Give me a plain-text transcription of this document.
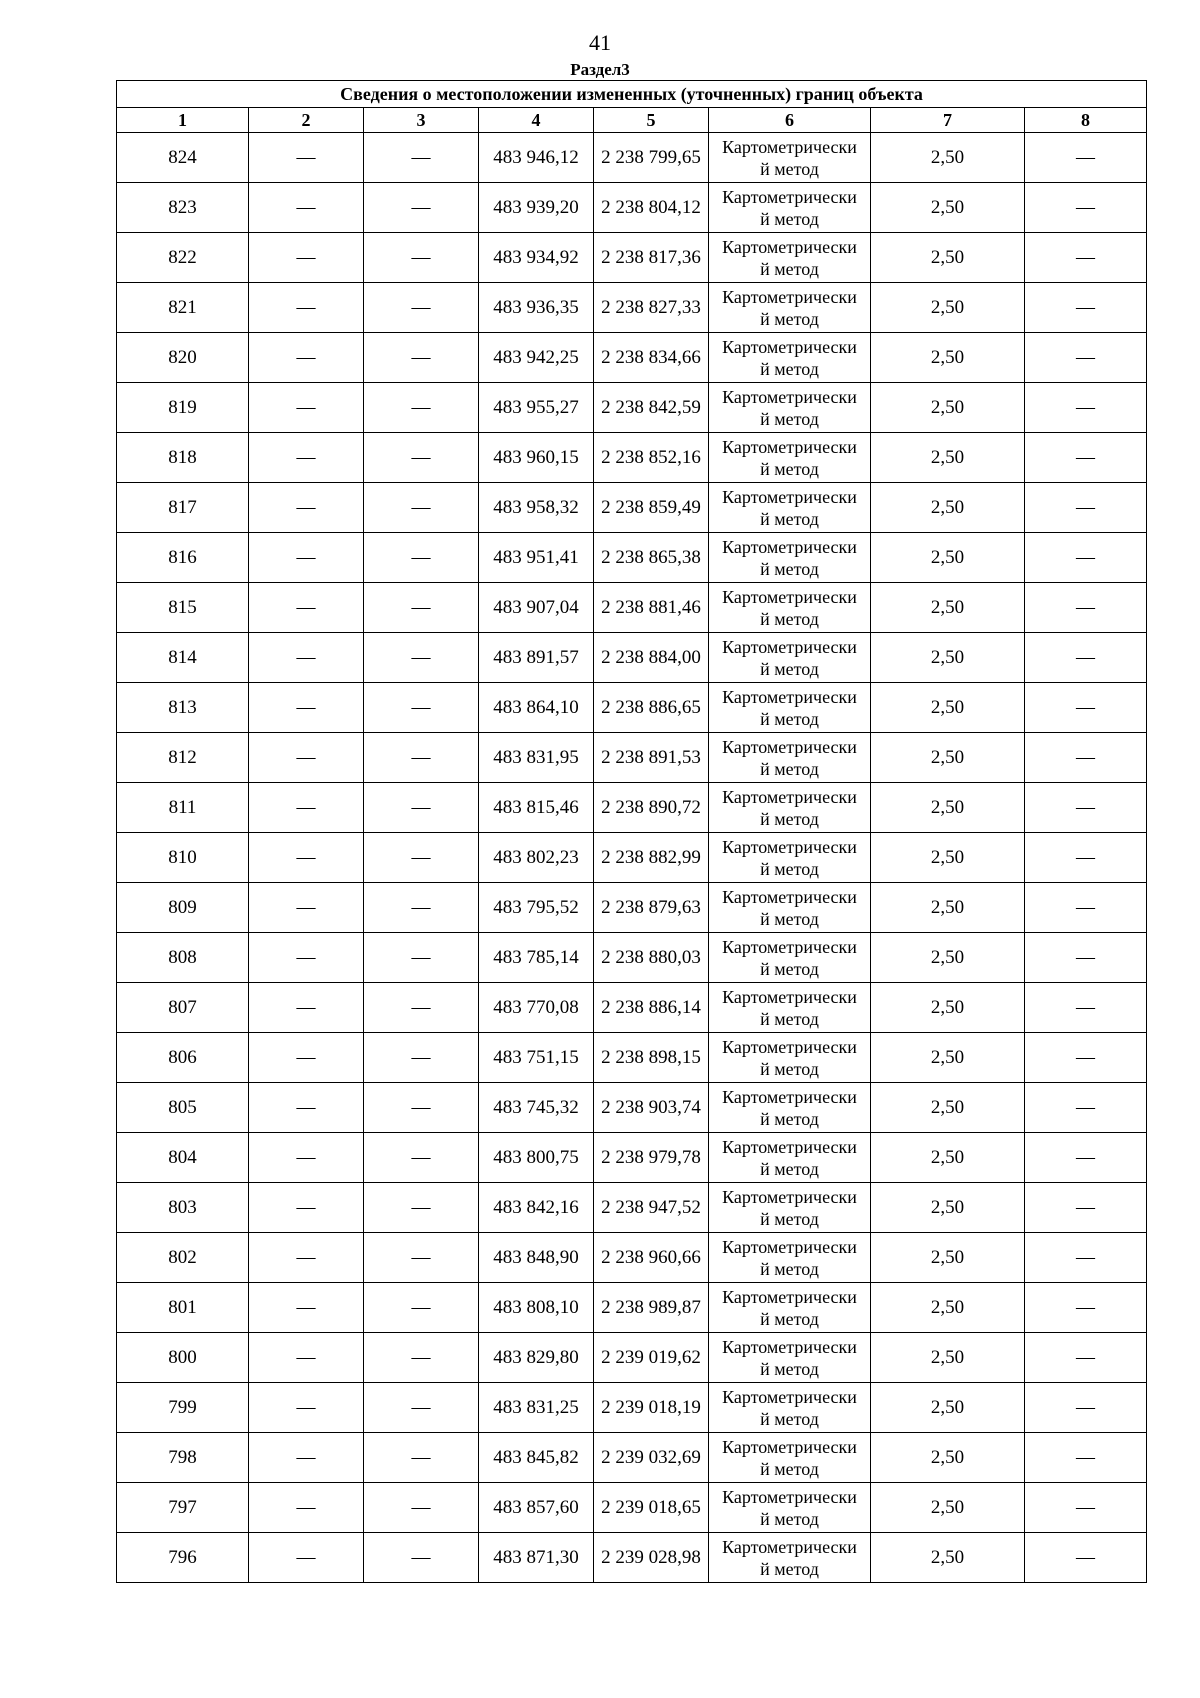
41
Раздел3
Сведения о местоположении измененных (уточненных) границ объекта							
1	2	3	4	5	6	7	8
824	—	—	483 946,12	2 238 799,65	Картометрически
й метод	2,50	—
823	—	—	483 939,20	2 238 804,12	Картометрически
й метод	2,50	—
822	—	—	483 934,92	2 238 817,36	Картометрически
й метод	2,50	—
821	—	—	483 936,35	2 238 827,33	Картометрически
й метод	2,50	—
820	—	—	483 942,25	2 238 834,66	Картометрически
й метод	2,50	—
819	—	—	483 955,27	2 238 842,59	Картометрически
й метод	2,50	—
818	—	—	483 960,15	2 238 852,16	Картометрически
й метод	2,50	—
817	—	—	483 958,32	2 238 859,49	Картометрически
й метод	2,50	—
816	—	—	483 951,41	2 238 865,38	Картометрически
й метод	2,50	—
815	—	—	483 907,04	2 238 881,46	Картометрически
й метод	2,50	—
814	—	—	483 891,57	2 238 884,00	Картометрически
й метод	2,50	—
813	—	—	483 864,10	2 238 886,65	Картометрически
й метод	2,50	—
812	—	—	483 831,95	2 238 891,53	Картометрически
й метод	2,50	—
811	—	—	483 815,46	2 238 890,72	Картометрически
й метод	2,50	—
810	—	—	483 802,23	2 238 882,99	Картометрически
й метод	2,50	—
809	—	—	483 795,52	2 238 879,63	Картометрически
й метод	2,50	—
808	—	—	483 785,14	2 238 880,03	Картометрически
й метод	2,50	—
807	—	—	483 770,08	2 238 886,14	Картометрически
й метод	2,50	—
806	—	—	483 751,15	2 238 898,15	Картометрически
й метод	2,50	—
805	—	—	483 745,32	2 238 903,74	Картометрически
й метод	2,50	—
804	—	—	483 800,75	2 238 979,78	Картометрически
й метод	2,50	—
803	—	—	483 842,16	2 238 947,52	Картометрически
й метод	2,50	—
802	—	—	483 848,90	2 238 960,66	Картометрически
й метод	2,50	—
801	—	—	483 808,10	2 238 989,87	Картометрически
й метод	2,50	—
800	—	—	483 829,80	2 239 019,62	Картометрически
й метод	2,50	—
799	—	—	483 831,25	2 239 018,19	Картометрически
й метод	2,50	—
798	—	—	483 845,82	2 239 032,69	Картометрически
й метод	2,50	—
797	—	—	483 857,60	2 239 018,65	Картометрически
й метод	2,50	—
796	—	—	483 871,30	2 239 028,98	Картометрически
й метод	2,50	—
